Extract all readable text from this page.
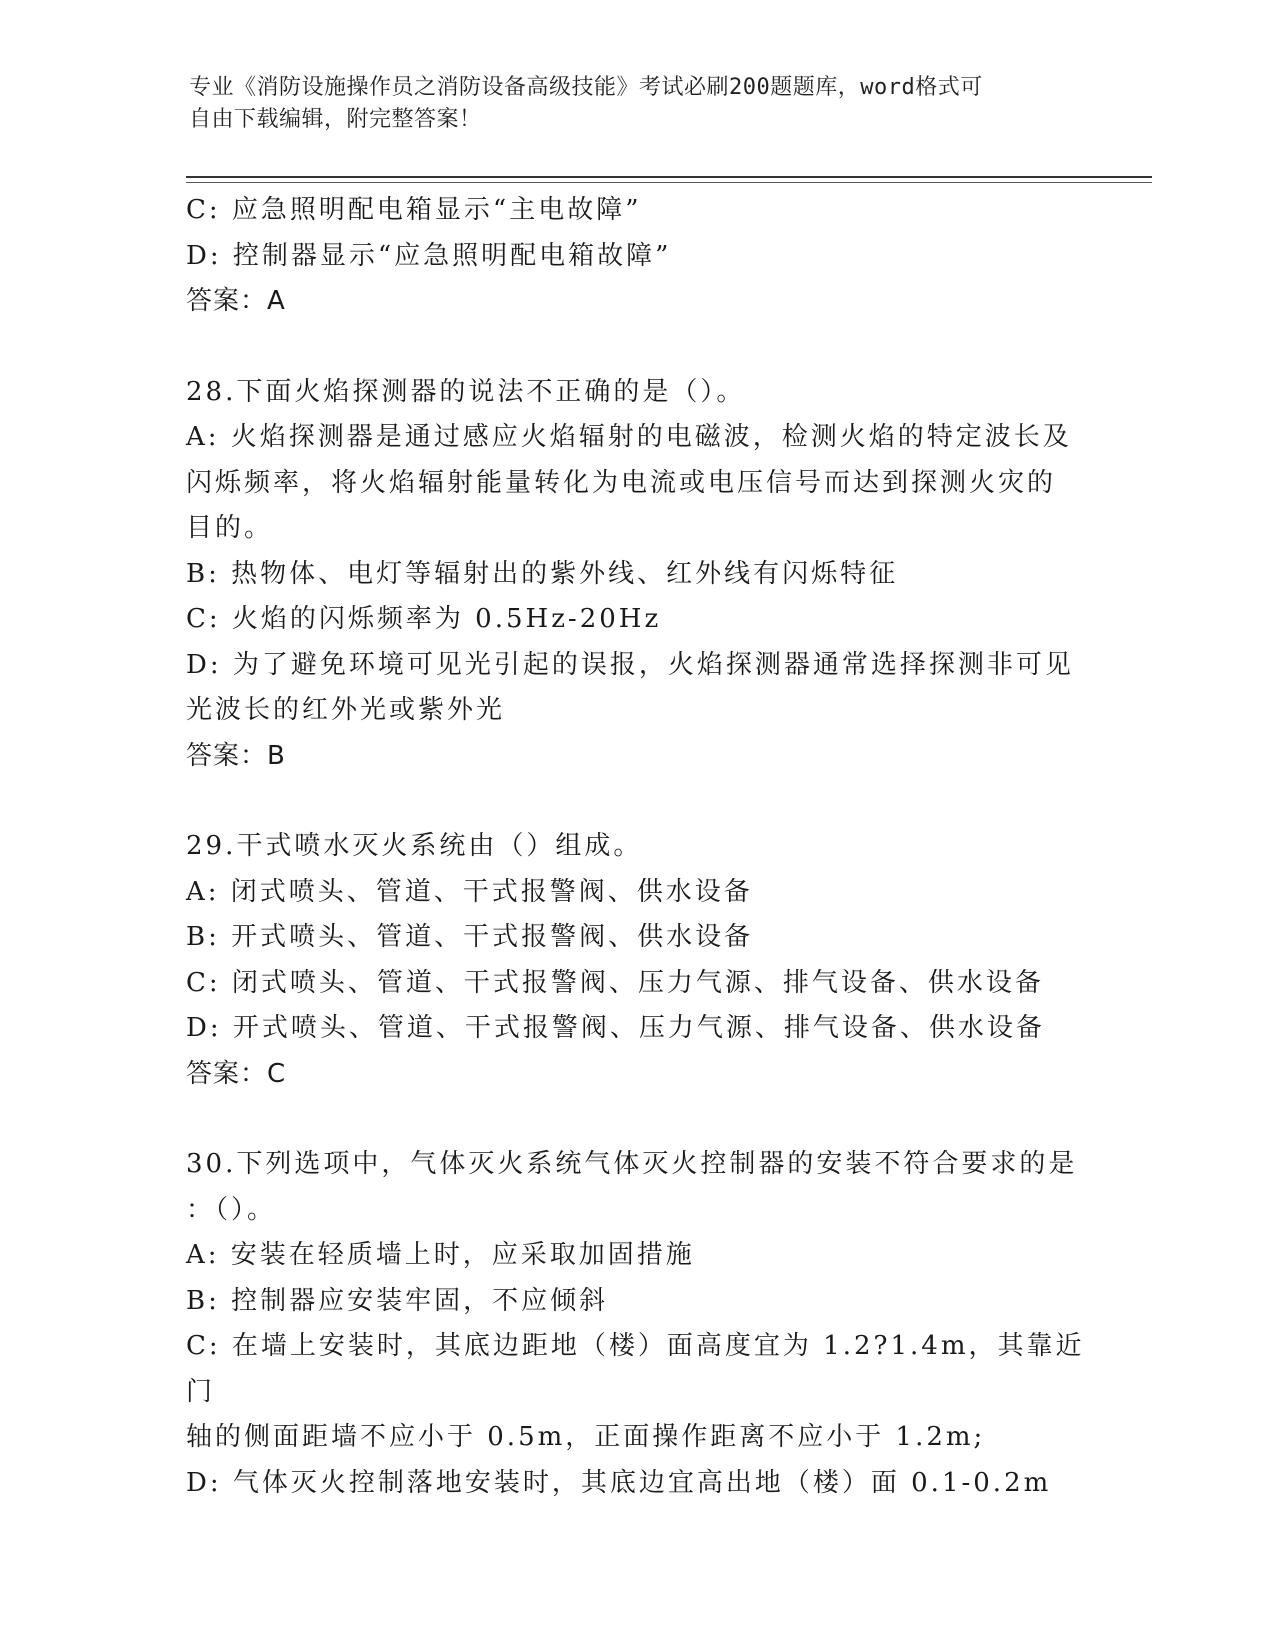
专业《消防设施操作员之消防设备高级技能》考试必刷200题题库，word格式可
自由下载编辑，附完整答案！

C: 应急照明配电箱显示“主电故障”

D: 控制器显示“应急照明配电箱故障”

答案：A

28.下面火焰探测器的说法不正确的是（）。

A: 火焰探测器是通过感应火焰辐射的电磁波，检测火焰的特定波长及

闪烁频率，将火焰辐射能量转化为电流或电压信号而达到探测火灾的

目的。

B: 热物体、电灯等辐射出的紫外线、红外线有闪烁特征

C: 火焰的闪烁频率为 0.5Hz-20Hz

D: 为了避免环境可见光引起的误报，火焰探测器通常选择探测非可见

光波长的红外光或紫外光

答案：B

29.干式喷水灭火系统由（）组成。

A: 闭式喷头、管道、干式报警阀、供水设备

B: 开式喷头、管道、干式报警阀、供水设备

C: 闭式喷头、管道、干式报警阀、压力气源、排气设备、供水设备

D: 开式喷头、管道、干式报警阀、压力气源、排气设备、供水设备

答案：C

30.下列选项中，气体灭火系统气体灭火控制器的安装不符合要求的是

：（）。

A: 安装在轻质墙上时，应采取加固措施

B: 控制器应安装牢固，不应倾斜

C: 在墙上安装时，其底边距地（楼）面高度宜为 1.2?1.4m，其靠近门

轴的侧面距墙不应小于 0.5m，正面操作距离不应小于 1.2m;

D: 气体灭火控制落地安装时，其底边宜高出地（楼）面 0.1-0.2m
